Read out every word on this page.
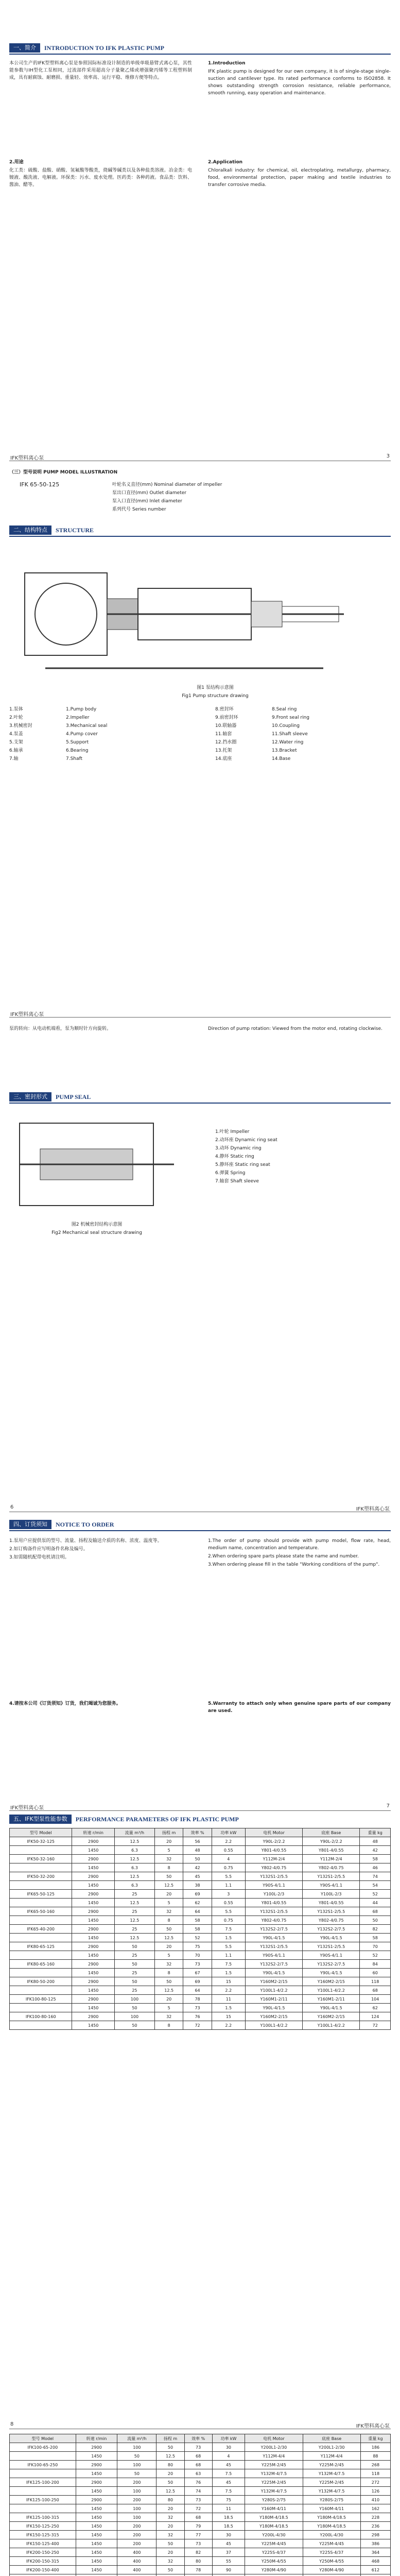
一、简介	INTRODUCTION TO IFK PLASTIC PUMP

本公司生产的IFK型塑料离心泵是参照国际标准设计制造的单级单吸悬臂式离心泵，其性能参数与IH型化工泵相同，过流部件采用超高分子量聚乙烯或增强聚丙烯等工程塑料制成，具有耐腐蚀、耐磨损、重量轻、效率高、运行平稳、维修方便等特点。

1.Introduction

IFK plastic pump is designed for our own company, it is of single-stage single-suction and cantilever type. Its rated performance conforms to ISO2858. It shows outstanding strength corrosion resistance, reliable performance, smooth running, easy operation and maintenance.

2.用途

化工类：硫酸、盐酸、硝酸、氢氟酸等酸类，烧碱等碱类以及各种盐类溶液。冶金类：电镀液、酸洗液、电解液。环保类：污水、废水处理。医药类：各种药液。食品类：饮料、酱油、醋等。

2.Application

Chloralkali industry: for chemical, oil, electroplating, metallurgy, pharmacy, food, environmental protection, paper making and textile industries to transfer corrosive media.

IFK塑料离心泵	3
（三）型号说明 PUMP MODEL ILLUSTRATION
IFK 65-50-125	叶轮名义直径(mm) Nominal diameter of impeller

泵出口直径(mm) Outlet diameter

泵入口直径(mm) Inlet diameter

系列代号 Series number

二、结构特点	STRUCTURE

图1 泵结构示意图

Fig1 Pump structure drawing

1.泵体

2.叶轮

3.机械密封

4.泵盖

5.支架

6.轴承

7.轴

1.Pump body

2.Impeller

3.Mechanical seal

4.Pump cover

5.Support

6.Bearing

7.Shaft

8.密封环

9.前密封环

10.联轴器

11.轴套

12.挡水圈

13.托架

14.底座

8.Seal ring

9.Front seal ring

10.Coupling

11.Shaft sleeve

12.Water ring

13.Bracket

14.Base

IFK塑料离心泵
泵的转向：从电动机端看，泵为顺时针方向旋转。	Direction of pump rotation: Viewed from the motor end, rotating clockwise.
三、密封形式	PUMP SEAL

图2 机械密封结构示意图

Fig2 Mechanical seal structure drawing

1.叶轮 Impeller

2.动环座 Dynamic ring seat

3.动环 Dynamic ring

4.静环 Static ring

5.静环座 Static ring seat

6.弹簧 Spring

7.轴套 Shaft sleeve

6	IFK塑料离心泵
四、订货须知	NOTICE TO ORDER

1.泵用户应提供泵的型号、流量、扬程及输送介质的名称、浓度、温度等。

2.如订购备件应写明备件名称及编号。

3.如需随机配带电机请注明。

1.The order of pump should provide with pump model, flow rate, head, medium name, concentration and temperature.

2.When ordering spare parts please state the name and number.

3.When ordering please fill in the table "Working conditions of the pump".

4.请按本公司《订货须知》订货，我们竭诚为您服务。	5.Warranty to attach only when genuine spare parts of our company are used.
IFK塑料离心泵	7
五、IFK型泵性能参数	PERFORMANCE PARAMETERS OF IFK PLASTIC PUMP
型号 Model	转速 r/min	流量 m³/h	扬程 m	效率 %	功率 kW	电机 Motor	底座 Base	重量 kg
IFK50-32-125	2900	12.5	20	56	2.2	Y90L-2/2.2	Y90L-2/2.2	48
	1450	6.3	5	48	0.55	Y801-4/0.55	Y801-4/0.55	42
IFK50-32-160	2900	12.5	32	50	4	Y112M-2/4	Y112M-2/4	58
	1450	6.3	8	42	0.75	Y802-4/0.75	Y802-4/0.75	46
IFK50-32-200	2900	12.5	50	45	5.5	Y132S1-2/5.5	Y132S1-2/5.5	74
	1450	6.3	12.5	38	1.1	Y90S-4/1.1	Y90S-4/1.1	54
IFK65-50-125	2900	25	20	69	3	Y100L-2/3	Y100L-2/3	52
	1450	12.5	5	62	0.55	Y801-4/0.55	Y801-4/0.55	44
IFK65-50-160	2900	25	32	64	5.5	Y132S1-2/5.5	Y132S1-2/5.5	68
	1450	12.5	8	58	0.75	Y802-4/0.75	Y802-4/0.75	50
IFK65-40-200	2900	25	50	58	7.5	Y132S2-2/7.5	Y132S2-2/7.5	82
	1450	12.5	12.5	52	1.5	Y90L-4/1.5	Y90L-4/1.5	58
IFK80-65-125	2900	50	20	75	5.5	Y132S1-2/5.5	Y132S1-2/5.5	70
	1450	25	5	70	1.1	Y90S-4/1.1	Y90S-4/1.1	52
IFK80-65-160	2900	50	32	73	7.5	Y132S2-2/7.5	Y132S2-2/7.5	84
	1450	25	8	67	1.5	Y90L-4/1.5	Y90L-4/1.5	60
IFK80-50-200	2900	50	50	69	15	Y160M2-2/15	Y160M2-2/15	118
	1450	25	12.5	64	2.2	Y100L1-4/2.2	Y100L1-4/2.2	68
IFK100-80-125	2900	100	20	78	11	Y160M1-2/11	Y160M1-2/11	104
	1450	50	5	73	1.5	Y90L-4/1.5	Y90L-4/1.5	62
IFK100-80-160	2900	100	32	76	15	Y160M2-2/15	Y160M2-2/15	124
	1450	50	8	72	2.2	Y100L1-4/2.2	Y100L1-4/2.2	72
8	IFK塑料离心泵
型号 Model	转速 r/min	流量 m³/h	扬程 m	效率 %	功率 kW	电机 Motor	底座 Base	重量 kg
IFK100-65-200	2900	100	50	73	30	Y200L1-2/30	Y200L1-2/30	186
	1450	50	12.5	68	4	Y112M-4/4	Y112M-4/4	88
IFK100-65-250	2900	100	80	68	45	Y225M-2/45	Y225M-2/45	268
	1450	50	20	63	7.5	Y132M-4/7.5	Y132M-4/7.5	118
IFK125-100-200	2900	200	50	76	45	Y225M-2/45	Y225M-2/45	272
	1450	100	12.5	74	7.5	Y132M-4/7.5	Y132M-4/7.5	126
IFK125-100-250	2900	200	80	73	75	Y280S-2/75	Y280S-2/75	410
	1450	100	20	72	11	Y160M-4/11	Y160M-4/11	162
IFK125-100-315	1450	100	32	68	18.5	Y180M-4/18.5	Y180M-4/18.5	228
IFK150-125-250	1450	200	20	79	18.5	Y180M-4/18.5	Y180M-4/18.5	236
IFK150-125-315	1450	200	32	77	30	Y200L-4/30	Y200L-4/30	298
IFK150-125-400	1450	200	50	73	45	Y225M-4/45	Y225M-4/45	386
IFK200-150-250	1450	400	20	82	37	Y225S-4/37	Y225S-4/37	364
IFK200-150-315	1450	400	32	80	55	Y250M-4/55	Y250M-4/55	468
IFK200-150-400	1450	400	50	78	90	Y280M-4/90	Y280M-4/90	612
